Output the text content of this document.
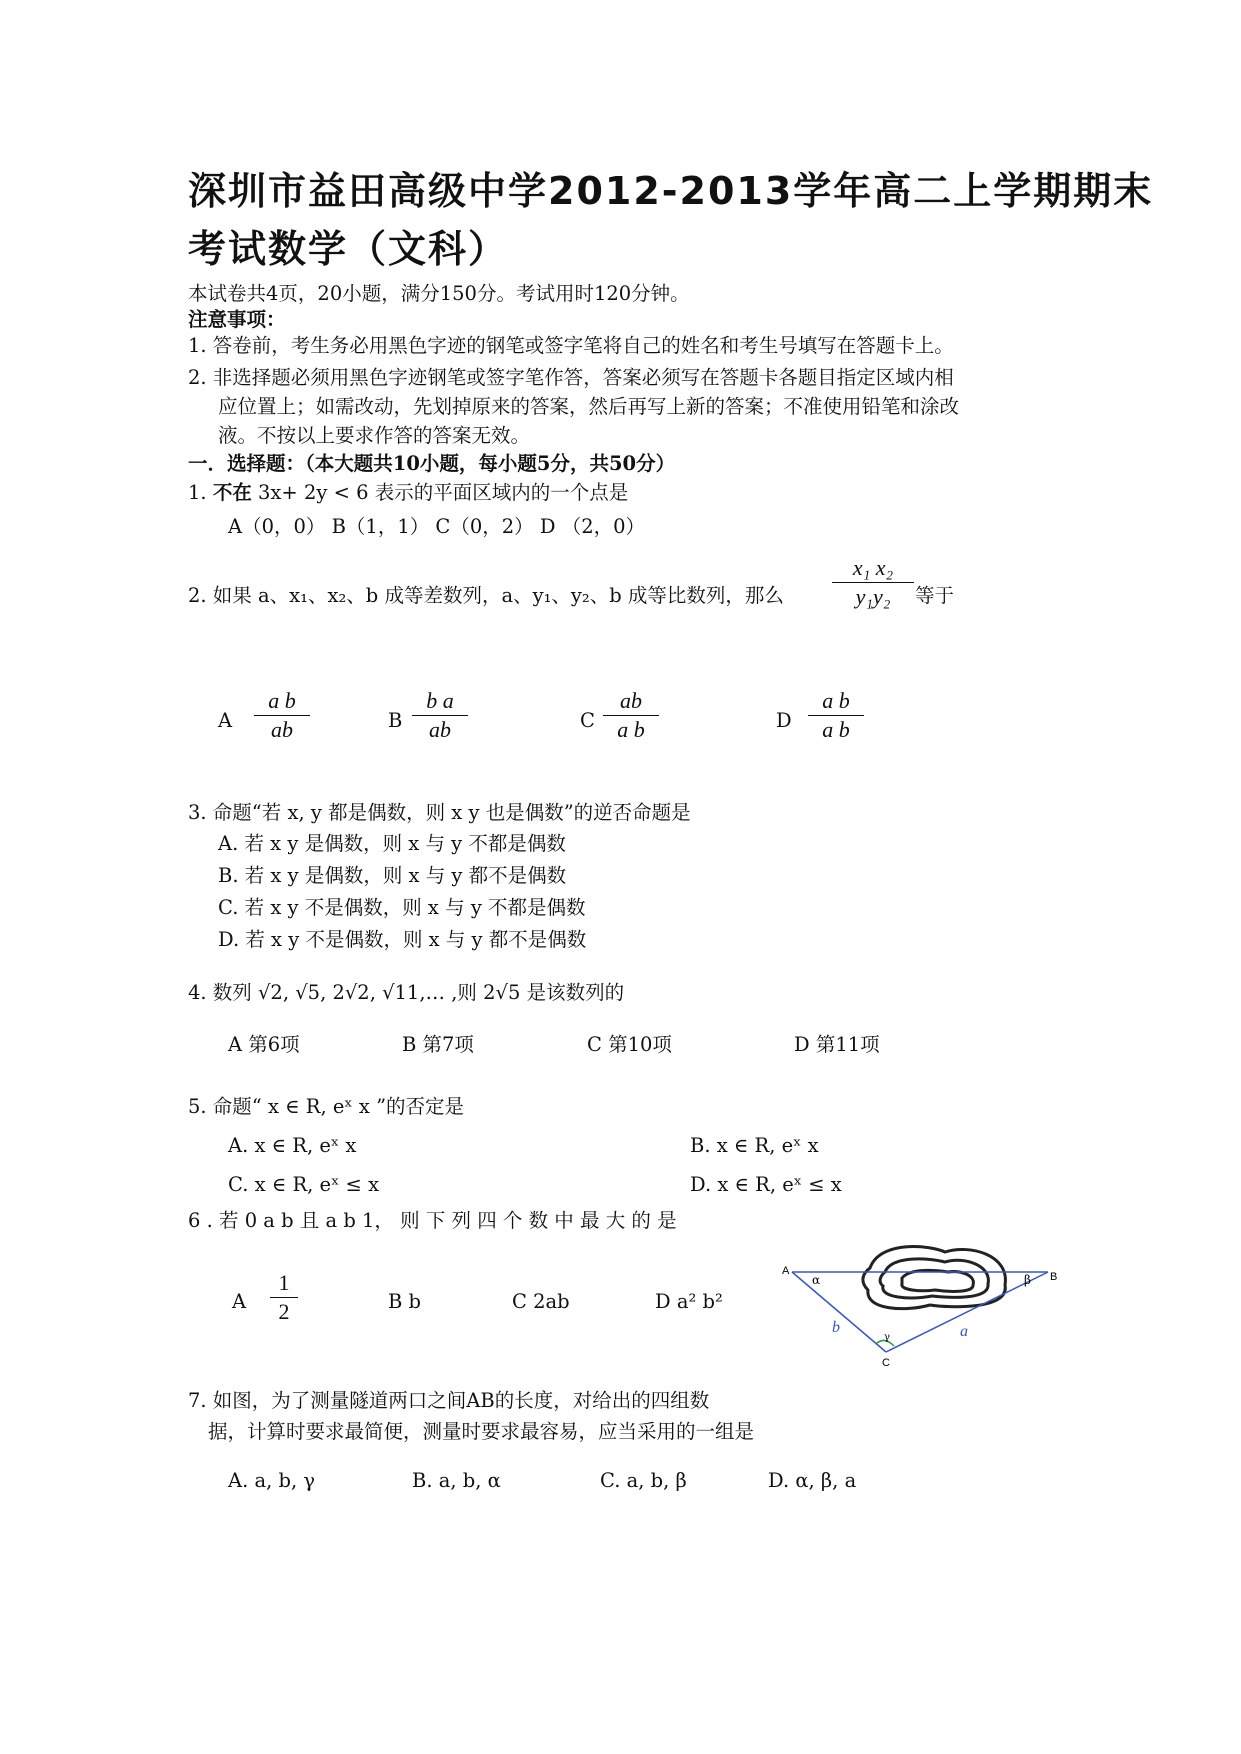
深圳市益田高级中学2012-2013学年高二上学期期末
考试数学（文科）
本试卷共4页，20小题，满分150分。考试用时120分钟。
注意事项：
1. 答卷前，考生务必用黑色字迹的钢笔或签字笔将自己的姓名和考生号填写在答题卡上。
2. 非选择题必须用黑色字迹钢笔或签字笔作答，答案必须写在答题卡各题目指定区域内相
应位置上；如需改动，先划掉原来的答案，然后再写上新的答案；不准使用铅笔和涂改
液。不按以上要求作答的答案无效。
一．选择题：（本大题共10小题，每小题5分，共50分）
1. 不在 3x+ 2y < 6 表示的平面区域内的一个点是
A（0，0） B（1，1） C（0，2） D （2，0）
2. 如果 a、x₁、x₂、b 成等差数列，a、y₁、y₂、b 成等比数列，那么
x₁ x₂
y₁y₂	等于
A
a b
ab	B
b a
ab	C
ab
a b	D
a b
a b
3. 命题“若 x, y 都是偶数，则 x y 也是偶数”的逆否命题是
A. 若 x y 是偶数，则 x 与 y 不都是偶数
B. 若 x y 是偶数，则 x 与 y 都不是偶数
C. 若 x y 不是偶数，则 x 与 y 不都是偶数
D. 若 x y 不是偶数，则 x 与 y 都不是偶数
4. 数列 √2, √5, 2√2, √11,… ,则 2√5 是该数列的
A 第6项	B 第7项	C 第10项	D 第11项
5. 命题“ x ∈ R, eˣ x ”的否定是
A. x ∈ R, eˣ x	B. x ∈ R, eˣ x
C. x ∈ R, eˣ ≤ x	D. x ∈ R, eˣ ≤ x
6 . 若 0 a b 且 a b 1， 则 下 列 四 个 数 中 最 大 的 是
A
1
2	B b	C 2ab	D a² b²
A	B
C
α	β
γ
b	a
7. 如图，为了测量隧道两口之间AB的长度，对给出的四组数
据，计算时要求最简便，测量时要求最容易，应当采用的一组是
A. a, b, γ	B. a, b, α	C. a, b, β	D. α, β, a
